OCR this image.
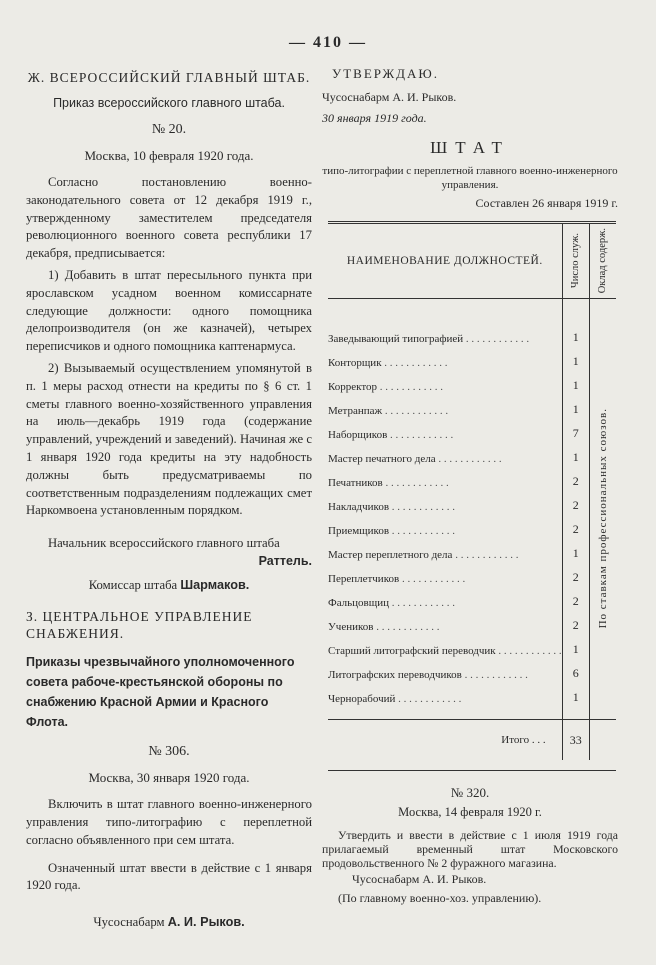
— 410 —
Ж. ВСЕРОССИЙСКИЙ ГЛАВНЫЙ ШТАБ.
Приказ всероссийского главного штаба.
№ 20.
Москва, 10 февраля 1920 года.

Согласно постановлению военно-законодательного совета от 12 декабря 1919 г., утвержденному заместителем председателя революционного военного совета республики 17 декабря, предписывается:

1) Добавить в штат пересыльного пункта при ярославском усадном военном комиссарнате следующие должности: одного помощника делопроизводителя (он же казначей), четырех переписчиков и одного помощника каптенармуса.

2) Вызываемый осуществлением упомянутой в п. 1 меры расход отнести на кредиты по § 6 ст. 1 сметы главного военно-хозяйственного управления на июль—декабрь 1919 года (содержание управлений, учреждений и заведений). Начиная же с 1 января 1920 года кредиты на эту надобность должны быть предусматриваемы по соответственным подразделениям подлежащих смет Наркомвоена установленным порядком.

Начальник всероссийского главного штаба

Раттель.

Комиссар штаба Шармаков.

З. ЦЕНТРАЛЬНОЕ УПРАВЛЕНИЕ СНАБЖЕНИЯ.
Приказы чрезвычайного уполномоченного совета рабоче-крестьянской обороны по снабжению Красной Армии и Красного Флота.
№ 306.
Москва, 30 января 1920 года.

Включить в штат главного военно-инженерного управления типо-литографию с переплетной согласно объявленного при сем штата.

Означенный штат ввести в действие с 1 января 1920 года.

Чусоснабарм А. И. Рыков.

УТВЕРЖДАЮ.
Чусоснабарм А. И. Рыков.
30 января 1919 года.
ШТАТ
типо-литографии с переплетной главного военно-инженерного управления.
Составлен 26 января 1919 г.
НАИМЕНОВАНИЕ ДОЛЖНОСТЕЙ.	Число служ.	Оклад содерж.

Заведывающий типографией . . . . . . . . . . . .	1	По ставкам профессиональных союзов.
Конторщик . . . . . . . . . . . .	1	
Корректор . . . . . . . . . . . .	1	
Метранпаж . . . . . . . . . . . .	1	
Наборщиков . . . . . . . . . . . .	7	
Мастер печатного дела . . . . . . . . . . . .	1	
Печатников . . . . . . . . . . . .	2	
Накладчиков . . . . . . . . . . . .	2	
Приемщиков . . . . . . . . . . . .	2	
Мастер переплетного дела . . . . . . . . . . . .	1	
Переплетчиков . . . . . . . . . . . .	2	
Фальцовщиц . . . . . . . . . . . .	2	
Учеников . . . . . . . . . . . .	2	
Старший литографский переводчик . . . . . . . . . . . .	1	
Литографских переводчиков . . . . . . . . . . . .	6	
Чернорабочий . . . . . . . . . . . .	1	

Итого . . .	33	

№ 320.
Москва, 14 февраля 1920 г.

Утвердить и ввести в действие с 1 июля 1919 года прилагаемый временный штат Московского продовольственного № 2 фуражного магазина.

Чусоснабарм А. И. Рыков.

(По главному военно-хоз. управлению).
